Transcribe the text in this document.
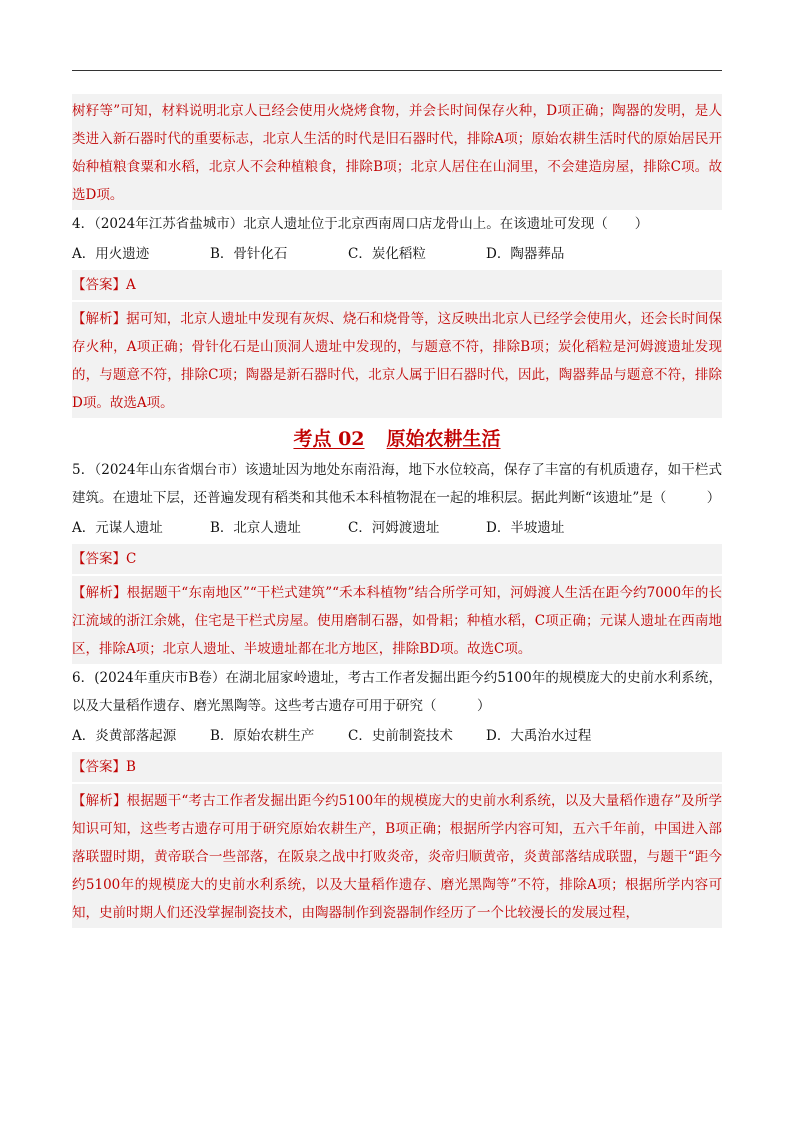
树籽等”可知，材料说明北京人已经会使用火烧烤食物，并会长时间保存火种，D项正确；陶器的发明，是人类进入新石器时代的重要标志，北京人生活的时代是旧石器时代，排除A项；原始农耕生活时代的原始居民开始种植粮食粟和水稻，北京人不会种植粮食，排除B项；北京人居住在山洞里，不会建造房屋，排除C项。故选D项。

4．（2024年江苏省盐城市）北京人遗址位于北京西南周口店龙骨山上。在该遗址可发现（　　）

A．用火遗迹	B．骨针化石	C．炭化稻粒	D．陶器葬品
【答案】A

【解析】据可知，北京人遗址中发现有灰烬、烧石和烧骨等，这反映出北京人已经学会使用火，还会长时间保存火种，A项正确；骨针化石是山顶洞人遗址中发现的，与题意不符，排除B项；炭化稻粒是河姆渡遗址发现的，与题意不符，排除C项；陶器是新石器时代，北京人属于旧石器时代，因此，陶器葬品与题意不符，排除D项。故选A项。

考点 02 原始农耕生活

5．（2024年山东省烟台市）该遗址因为地处东南沿海，地下水位较高，保存了丰富的有机质遗存，如干栏式建筑。在遗址下层，还普遍发现有稻类和其他禾本科植物混在一起的堆积层。据此判断“该遗址”是（　　　）

A．元谋人遗址	B．北京人遗址	C．河姆渡遗址	D．半坡遗址
【答案】C

【解析】根据题干“东南地区”“干栏式建筑”“禾本科植物”结合所学可知，河姆渡人生活在距今约7000年的长江流域的浙江余姚，住宅是干栏式房屋。使用磨制石器，如骨耜；种植水稻，C项正确；元谋人遗址在西南地区，排除A项；北京人遗址、半坡遗址都在北方地区，排除BD项。故选C项。

6．(2024年重庆市B卷）在湖北屈家岭遗址，考古工作者发掘出距今约5100年的规模庞大的史前水利系统，以及大量稻作遗存、磨光黑陶等。这些考古遗存可用于研究（　　　）

A．炎黄部落起源	B．原始农耕生产	C．史前制瓷技术	D．大禹治水过程
【答案】B

【解析】根据题干“考古工作者发掘出距今约5100年的规模庞大的史前水利系统，以及大量稻作遗存”及所学知识可知，这些考古遗存可用于研究原始农耕生产，B项正确；根据所学内容可知，五六千年前，中国进入部落联盟时期，黄帝联合一些部落，在阪泉之战中打败炎帝，炎帝归顺黄帝，炎黄部落结成联盟，与题干“距今约5100年的规模庞大的史前水利系统，以及大量稻作遗存、磨光黑陶等”不符，排除A项；根据所学内容可知，史前时期人们还没掌握制瓷技术，由陶器制作到瓷器制作经历了一个比较漫长的发展过程，
